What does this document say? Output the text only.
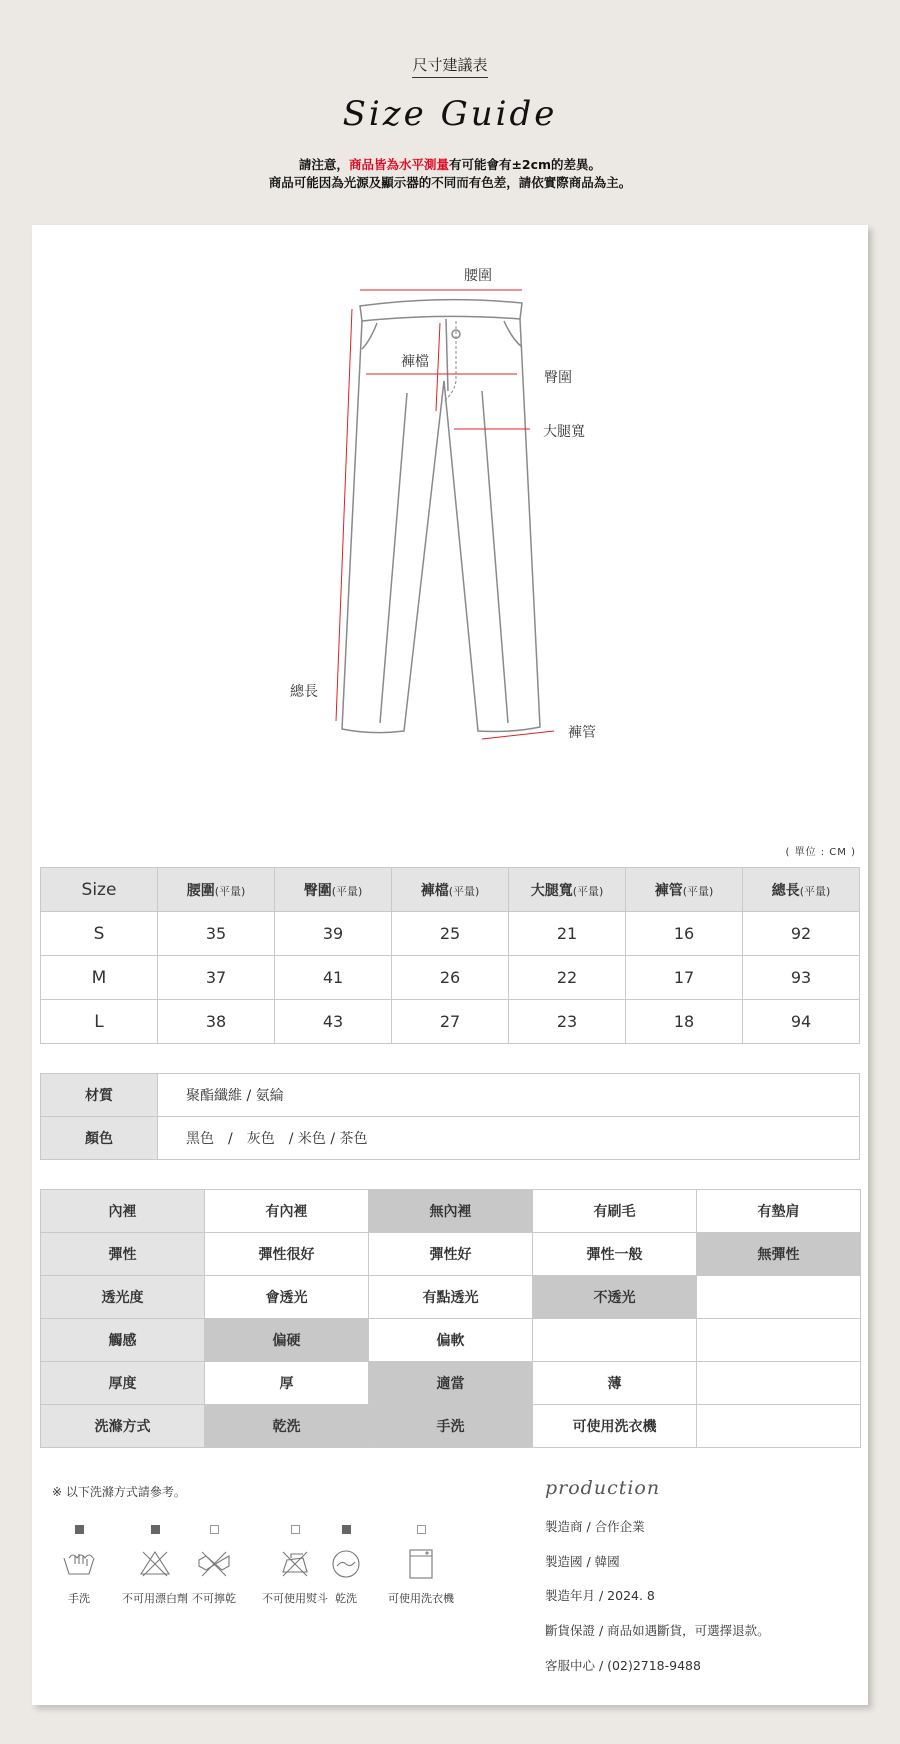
尺寸建議表
Size Guide
請注意，商品皆為水平測量有可能會有±2cm的差異。
商品可能因為光源及顯示器的不同而有色差，請依實際商品為主。
腰圍
褲檔
臀圍
大腿寬
總長
褲管
( 單位 : CM )
Size	腰圍(平量)	臀圍(平量)	褲檔(平量)	大腿寬(平量)	褲管(平量)	總長(平量)
S	35	39	25	21	16	92
M	37	41	26	22	17	93
L	38	43	27	23	18	94
材質	聚酯纖維 / 氨綸
顏色	黑色　/　灰色　/ 米色 / 茶色
內裡	有內裡	無內裡	有刷毛	有墊肩
彈性	彈性很好	彈性好	彈性一般	無彈性
透光度	會透光	有點透光	不透光	
觸感	偏硬	偏軟		
厚度	厚	適當	薄	
洗滌方式	乾洗	手洗	可使用洗衣機	
※ 以下洗滌方式請參考。
手洗	不可用漂白劑 不可擰乾	不可使用熨斗 乾洗	可使用洗衣機
production
製造商 / 合作企業
製造國 / 韓國
製造年月 / 2024. 8
斷貨保證 / 商品如遇斷貨，可選擇退款。
客服中心 / (02)2718-9488
